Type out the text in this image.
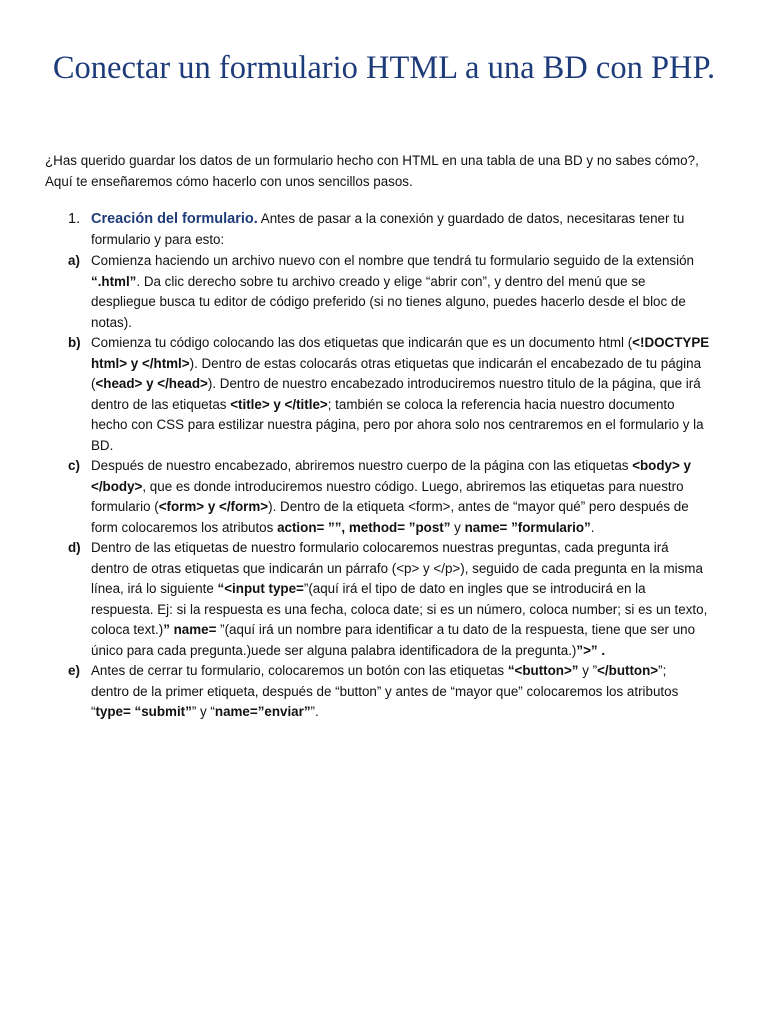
Conectar un formulario HTML a una BD con PHP.
¿Has querido guardar los datos de un formulario hecho con HTML en una tabla de una BD y no sabes cómo?,
Aquí te enseñaremos cómo hacerlo con unos sencillos pasos.
1. Creación del formulario. Antes de pasar a la conexión y guardado de datos, necesitaras tener tu
formulario y para esto:
a) Comienza haciendo un archivo nuevo con el nombre que tendrá tu formulario seguido de la extensión
“.html”. Da clic derecho sobre tu archivo creado y elige “abrir con”, y dentro del menú que se
despliegue busca tu editor de código preferido (si no tienes alguno, puedes hacerlo desde el bloc de
notas).
b) Comienza tu código colocando las dos etiquetas que indicarán que es un documento html (<!DOCTYPE
html> y </html>). Dentro de estas colocarás otras etiquetas que indicarán el encabezado de tu página
(<head> y </head>). Dentro de nuestro encabezado introduciremos nuestro titulo de la página, que irá
dentro de las etiquetas <title> y </title>; también se coloca la referencia hacia nuestro documento
hecho con CSS para estilizar nuestra página, pero por ahora solo nos centraremos en el formulario y la
BD.
c) Después de nuestro encabezado, abriremos nuestro cuerpo de la página con las etiquetas <body> y
</body>, que es donde introduciremos nuestro código. Luego, abriremos las etiquetas para nuestro
formulario (<form> y </form>). Dentro de la etiqueta <form>, antes de “mayor qué” pero después de
form colocaremos los atributos action= ””, method= ”post” y name= ”formulario”.
d) Dentro de las etiquetas de nuestro formulario colocaremos nuestras preguntas, cada pregunta irá
dentro de otras etiquetas que indicarán un párrafo (<p> y </p>), seguido de cada pregunta en la misma
línea, irá lo siguiente “<input type=”(aquí irá el tipo de dato en ingles que se introducirá en la
respuesta. Ej: si la respuesta es una fecha, coloca date; si es un número, coloca number; si es un texto,
coloca text.)” name= ”(aquí irá un nombre para identificar a tu dato de la respuesta, tiene que ser uno
único para cada pregunta.)uede ser alguna palabra identificadora de la pregunta.)”>” .
e) Antes de cerrar tu formulario, colocaremos un botón con las etiquetas “<button>” y ”</button>”;
dentro de la primer etiqueta, después de “button” y antes de “mayor que” colocaremos los atributos
“type= “submit”” y “name=”enviar””.
